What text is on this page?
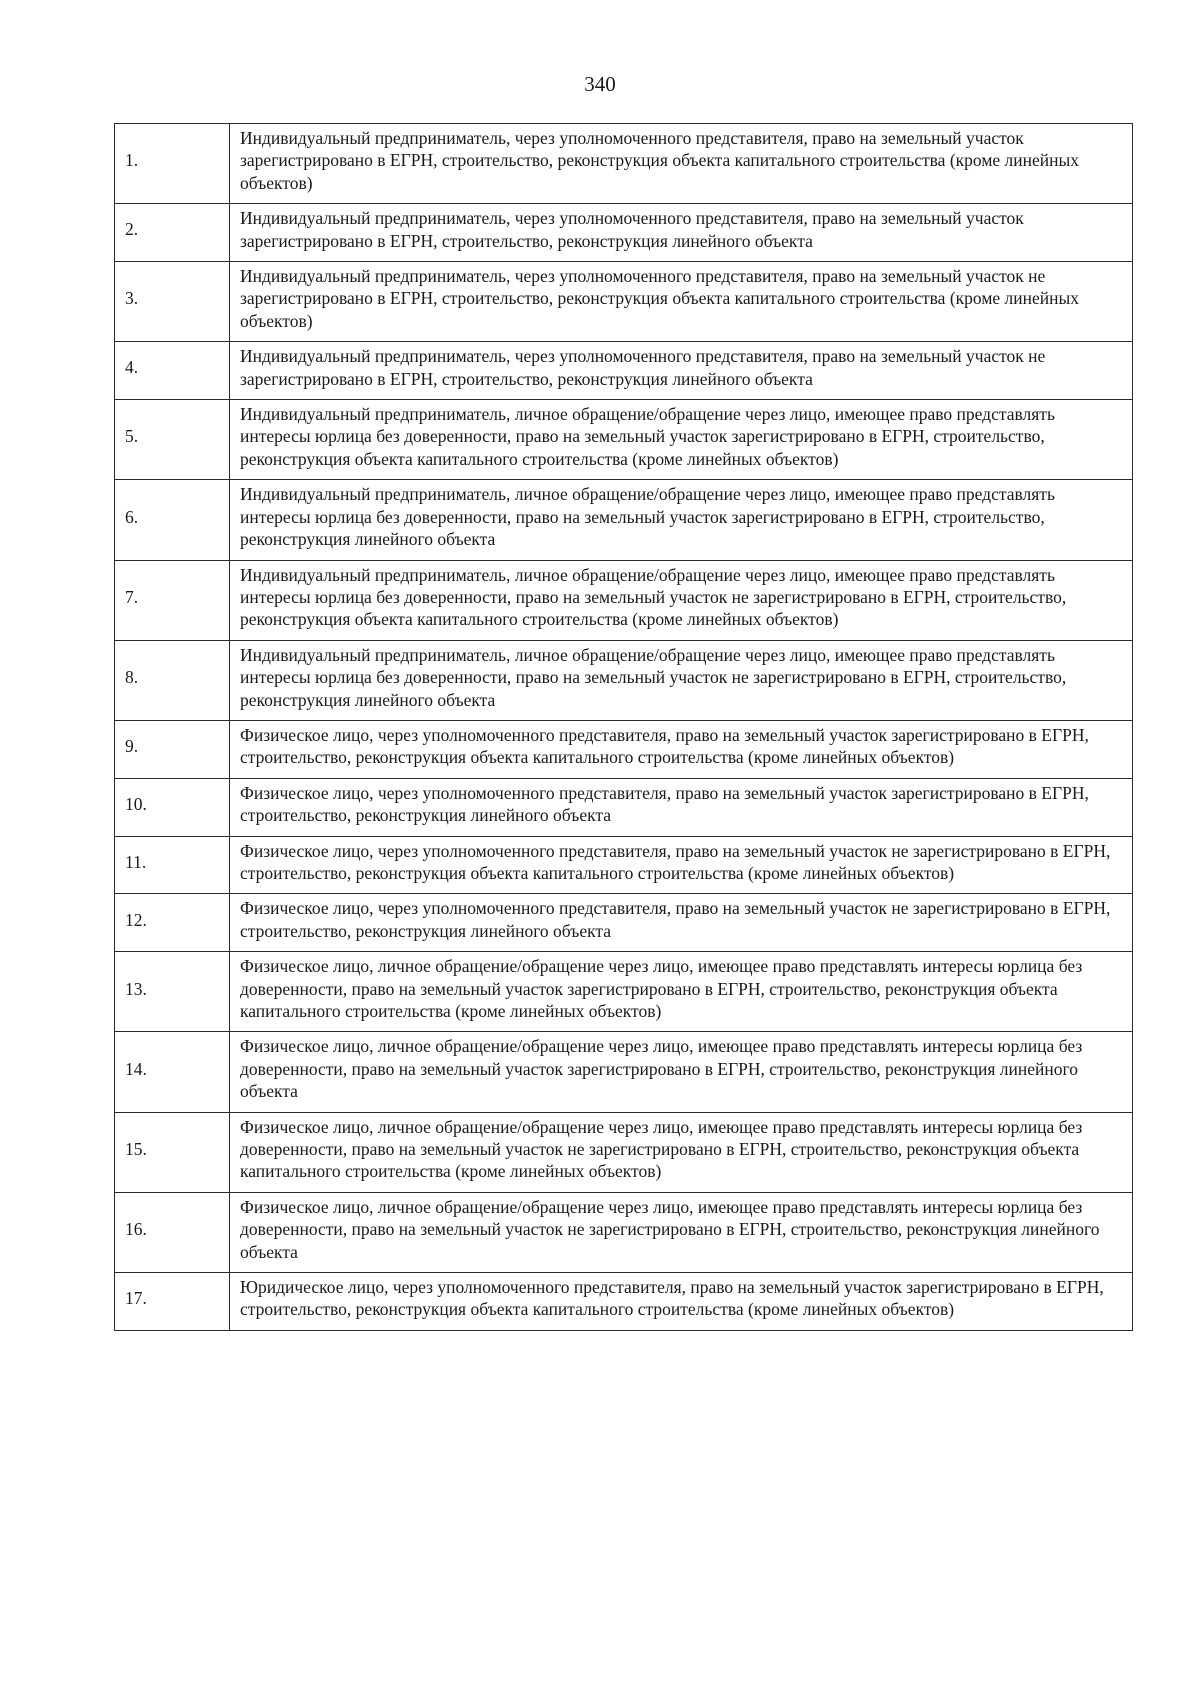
340
1.	Индивидуальный предприниматель, через уполномоченного представителя, право на земельный участок зарегистрировано в ЕГРН, строительство, реконструкция объекта капитального строительства (кроме линейных объектов)
2.	Индивидуальный предприниматель, через уполномоченного представителя, право на земельный участок зарегистрировано в ЕГРН, строительство, реконструкция линейного объекта
3.	Индивидуальный предприниматель, через уполномоченного представителя, право на земельный участок не зарегистрировано в ЕГРН, строительство, реконструкция объекта капитального строительства (кроме линейных объектов)
4.	Индивидуальный предприниматель, через уполномоченного представителя, право на земельный участок не зарегистрировано в ЕГРН, строительство, реконструкция линейного объекта
5.	Индивидуальный предприниматель, личное обращение/обращение через лицо, имеющее право представлять интересы юрлица без доверенности, право на земельный участок зарегистрировано в ЕГРН, строительство, реконструкция объекта капитального строительства (кроме линейных объектов)
6.	Индивидуальный предприниматель, личное обращение/обращение через лицо, имеющее право представлять интересы юрлица без доверенности, право на земельный участок зарегистрировано в ЕГРН, строительство, реконструкция линейного объекта
7.	Индивидуальный предприниматель, личное обращение/обращение через лицо, имеющее право представлять интересы юрлица без доверенности, право на земельный участок не зарегистрировано в ЕГРН, строительство, реконструкция объекта капитального строительства (кроме линейных объектов)
8.	Индивидуальный предприниматель, личное обращение/обращение через лицо, имеющее право представлять интересы юрлица без доверенности, право на земельный участок не зарегистрировано в ЕГРН, строительство, реконструкция линейного объекта
9.	Физическое лицо, через уполномоченного представителя, право на земельный участок зарегистрировано в ЕГРН, строительство, реконструкция объекта капитального строительства (кроме линейных объектов)
10.	Физическое лицо, через уполномоченного представителя, право на земельный участок зарегистрировано в ЕГРН, строительство, реконструкция линейного объекта
11.	Физическое лицо, через уполномоченного представителя, право на земельный участок не зарегистрировано в ЕГРН, строительство, реконструкция объекта капитального строительства (кроме линейных объектов)
12.	Физическое лицо, через уполномоченного представителя, право на земельный участок не зарегистрировано в ЕГРН, строительство, реконструкция линейного объекта
13.	Физическое лицо, личное обращение/обращение через лицо, имеющее право представлять интересы юрлица без доверенности, право на земельный участок зарегистрировано в ЕГРН, строительство, реконструкция объекта капитального строительства (кроме линейных объектов)
14.	Физическое лицо, личное обращение/обращение через лицо, имеющее право представлять интересы юрлица без доверенности, право на земельный участок зарегистрировано в ЕГРН, строительство, реконструкция линейного объекта
15.	Физическое лицо, личное обращение/обращение через лицо, имеющее право представлять интересы юрлица без доверенности, право на земельный участок не зарегистрировано в ЕГРН, строительство, реконструкция объекта капитального строительства (кроме линейных объектов)
16.	Физическое лицо, личное обращение/обращение через лицо, имеющее право представлять интересы юрлица без доверенности, право на земельный участок не зарегистрировано в ЕГРН, строительство, реконструкция линейного объекта
17.	Юридическое лицо, через уполномоченного представителя, право на земельный участок зарегистрировано в ЕГРН, строительство, реконструкция объекта капитального строительства (кроме линейных объектов)
